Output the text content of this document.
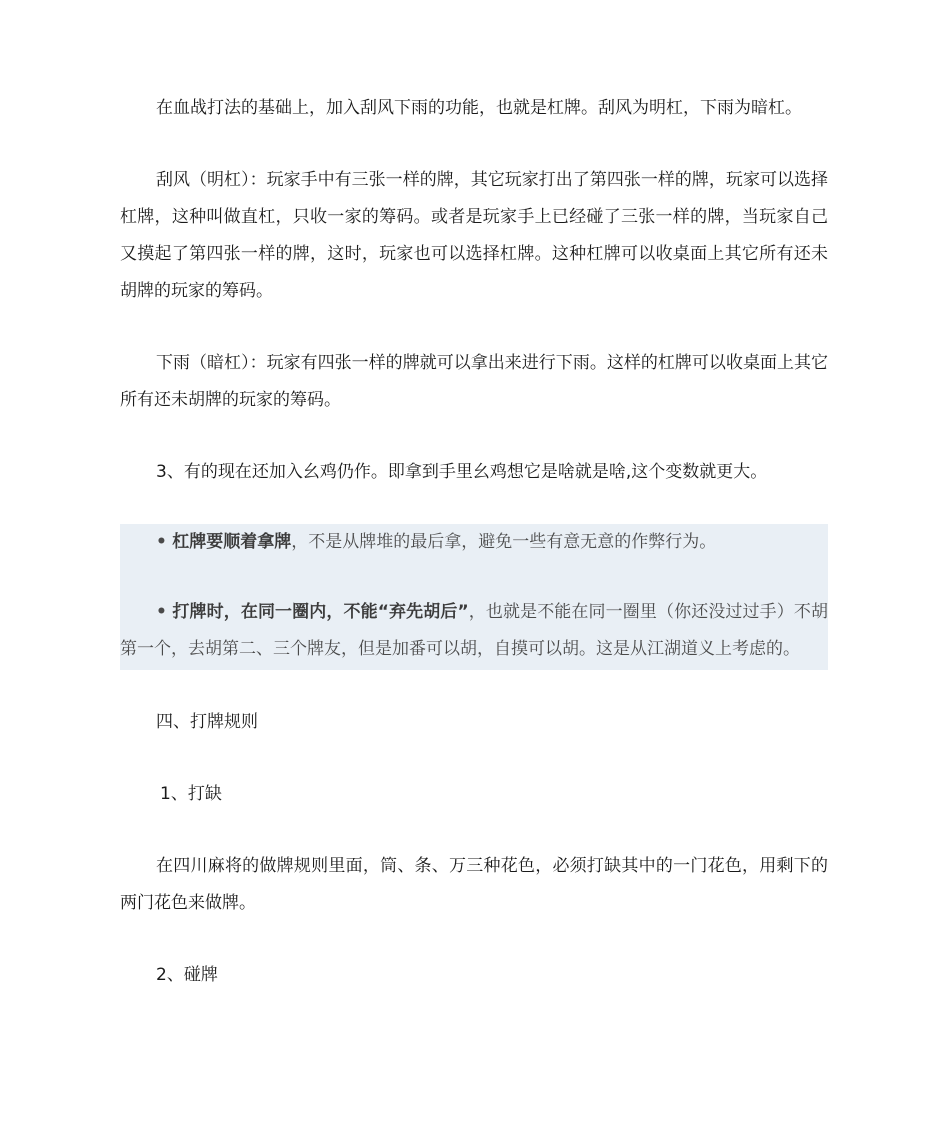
在血战打法的基础上，加入刮风下雨的功能，也就是杠牌。刮风为明杠，下雨为暗杠。

刮风（明杠）：玩家手中有三张一样的牌，其它玩家打出了第四张一样的牌，玩家可以选择杠牌，这种叫做直杠，只收一家的筹码。或者是玩家手上已经碰了三张一样的牌，当玩家自己又摸起了第四张一样的牌，这时，玩家也可以选择杠牌。这种杠牌可以收桌面上其它所有还未胡牌的玩家的筹码。

下雨（暗杠）：玩家有四张一样的牌就可以拿出来进行下雨。这样的杠牌可以收桌面上其它所有还未胡牌的玩家的筹码。

3、有的现在还加入幺鸡仍作。即拿到手里幺鸡想它是啥就是啥,这个变数就更大。

• 杠牌要顺着拿牌，不是从牌堆的最后拿，避免一些有意无意的作弊行为。

• 打牌时，在同一圈内，不能“弃先胡后”，也就是不能在同一圈里（你还没过过手）不胡第一个，去胡第二、三个牌友，但是加番可以胡，自摸可以胡。这是从江湖道义上考虑的。

四、打牌规则

1、打缺

在四川麻将的做牌规则里面，筒、条、万三种花色，必须打缺其中的一门花色，用剩下的两门花色来做牌。

2、碰牌
